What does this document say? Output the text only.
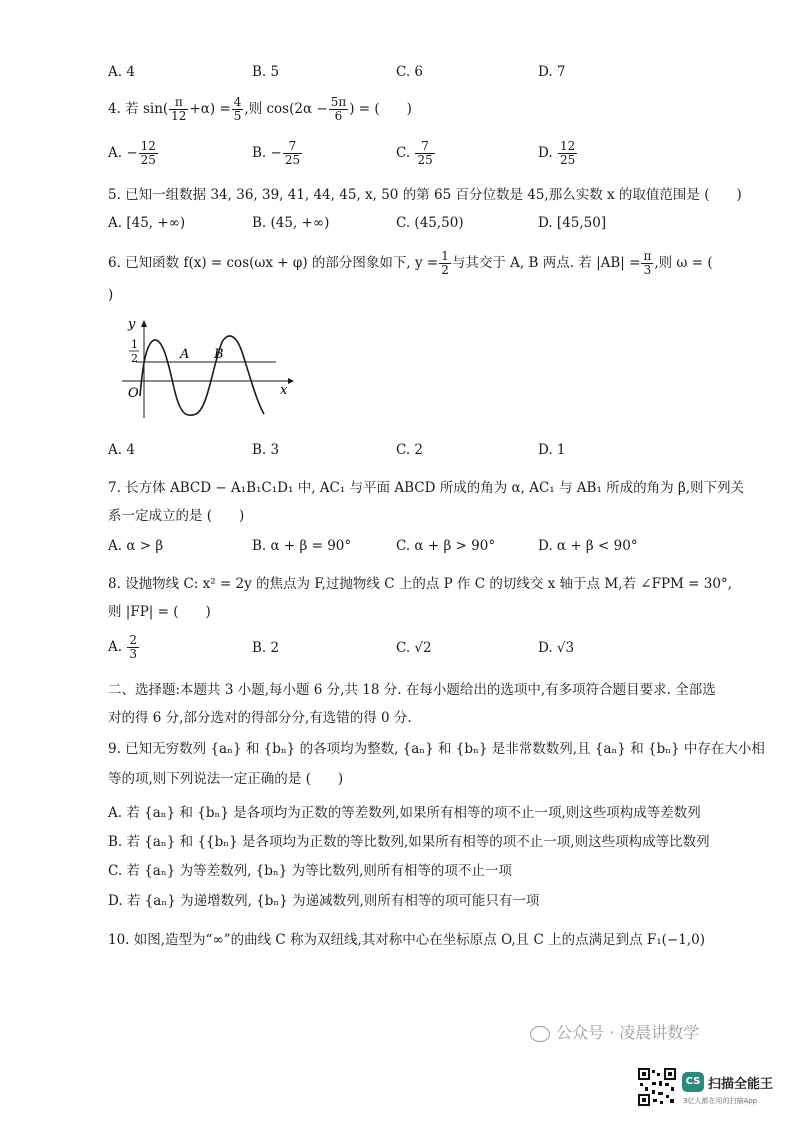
A. 4	B. 5	C. 6	D. 7
4. 若 $\sin( \frac{\pi}{12} +\alpha) = \frac{4}{5}$ ,则 $\cos(2\alpha - \frac{5\pi}{6}$ ) = (　　)
A. − $\frac{12}{25}$	B. − $\frac{7}{25}$	C. $\frac{7}{25}$	D. $\frac{12}{25}$
5. 已知一组数据 34, 36, 39, 41, 44, 45, x, 50 的第 65 百分位数是 45,那么实数 x 的取值范围是 (　　)
A. [45, +∞)	B. (45, +∞)	C. (45,50)	D. [45,50]
6. 已知函数 f(x) = cos(ωx + φ) 的部分图象如下, $y = \frac{1}{2}$ 与其交于 A, B 两点. 若 $|AB| = \frac{\pi}{3}$ ,则 ω = (
)
y
x
O
1
2	A B
A. 4	B. 3	C. 2	D. 1
7. 长方体 ABCD − A₁B₁C₁D₁ 中, AC₁ 与平面 ABCD 所成的角为 α, AC₁ 与 AB₁ 所成的角为 β,则下列关
系一定成立的是 (　　)
A. α > β	B. α + β = 90°	C. α + β > 90°	D. α + β < 90°
8. 设抛物线 C: x² = 2y 的焦点为 F,过抛物线 C 上的点 P 作 C 的切线交 x 轴于点 M,若 ∠FPM = 30°,
则 |FP| = (　　)
A. $\frac{2}{3}$	B. 2	C. √2	D. √3
二、选择题:本题共 3 小题,每小题 6 分,共 18 分. 在每小题给出的选项中,有多项符合题目要求. 全部选
对的得 6 分,部分选对的得部分分,有选错的得 0 分.
9. 已知无穷数列 {aₙ} 和 {bₙ} 的各项均为整数, {aₙ} 和 {bₙ} 是非常数数列,且 {aₙ} 和 {bₙ} 中存在大小相
等的项,则下列说法一定正确的是 (　　)
A. 若 {aₙ} 和 {bₙ} 是各项均为正数的等差数列,如果所有相等的项不止一项,则这些项构成等差数列
B. 若 {aₙ} 和 {{bₙ} 是各项均为正数的等比数列,如果所有相等的项不止一项,则这些项构成等比数列
C. 若 {aₙ} 为等差数列, {bₙ} 为等比数列,则所有相等的项不止一项
D. 若 {aₙ} 为递增数列, {bₙ} 为递减数列,则所有相等的项可能只有一项
10. 如图,造型为“∞”的曲线 C 称为双纽线,其对称中心在坐标原点 O,且 C 上的点满足到点 F₁(−1,0)
公众号 · 凌晨讲数学
CS 扫描全能王
3亿人都在用的扫描App
